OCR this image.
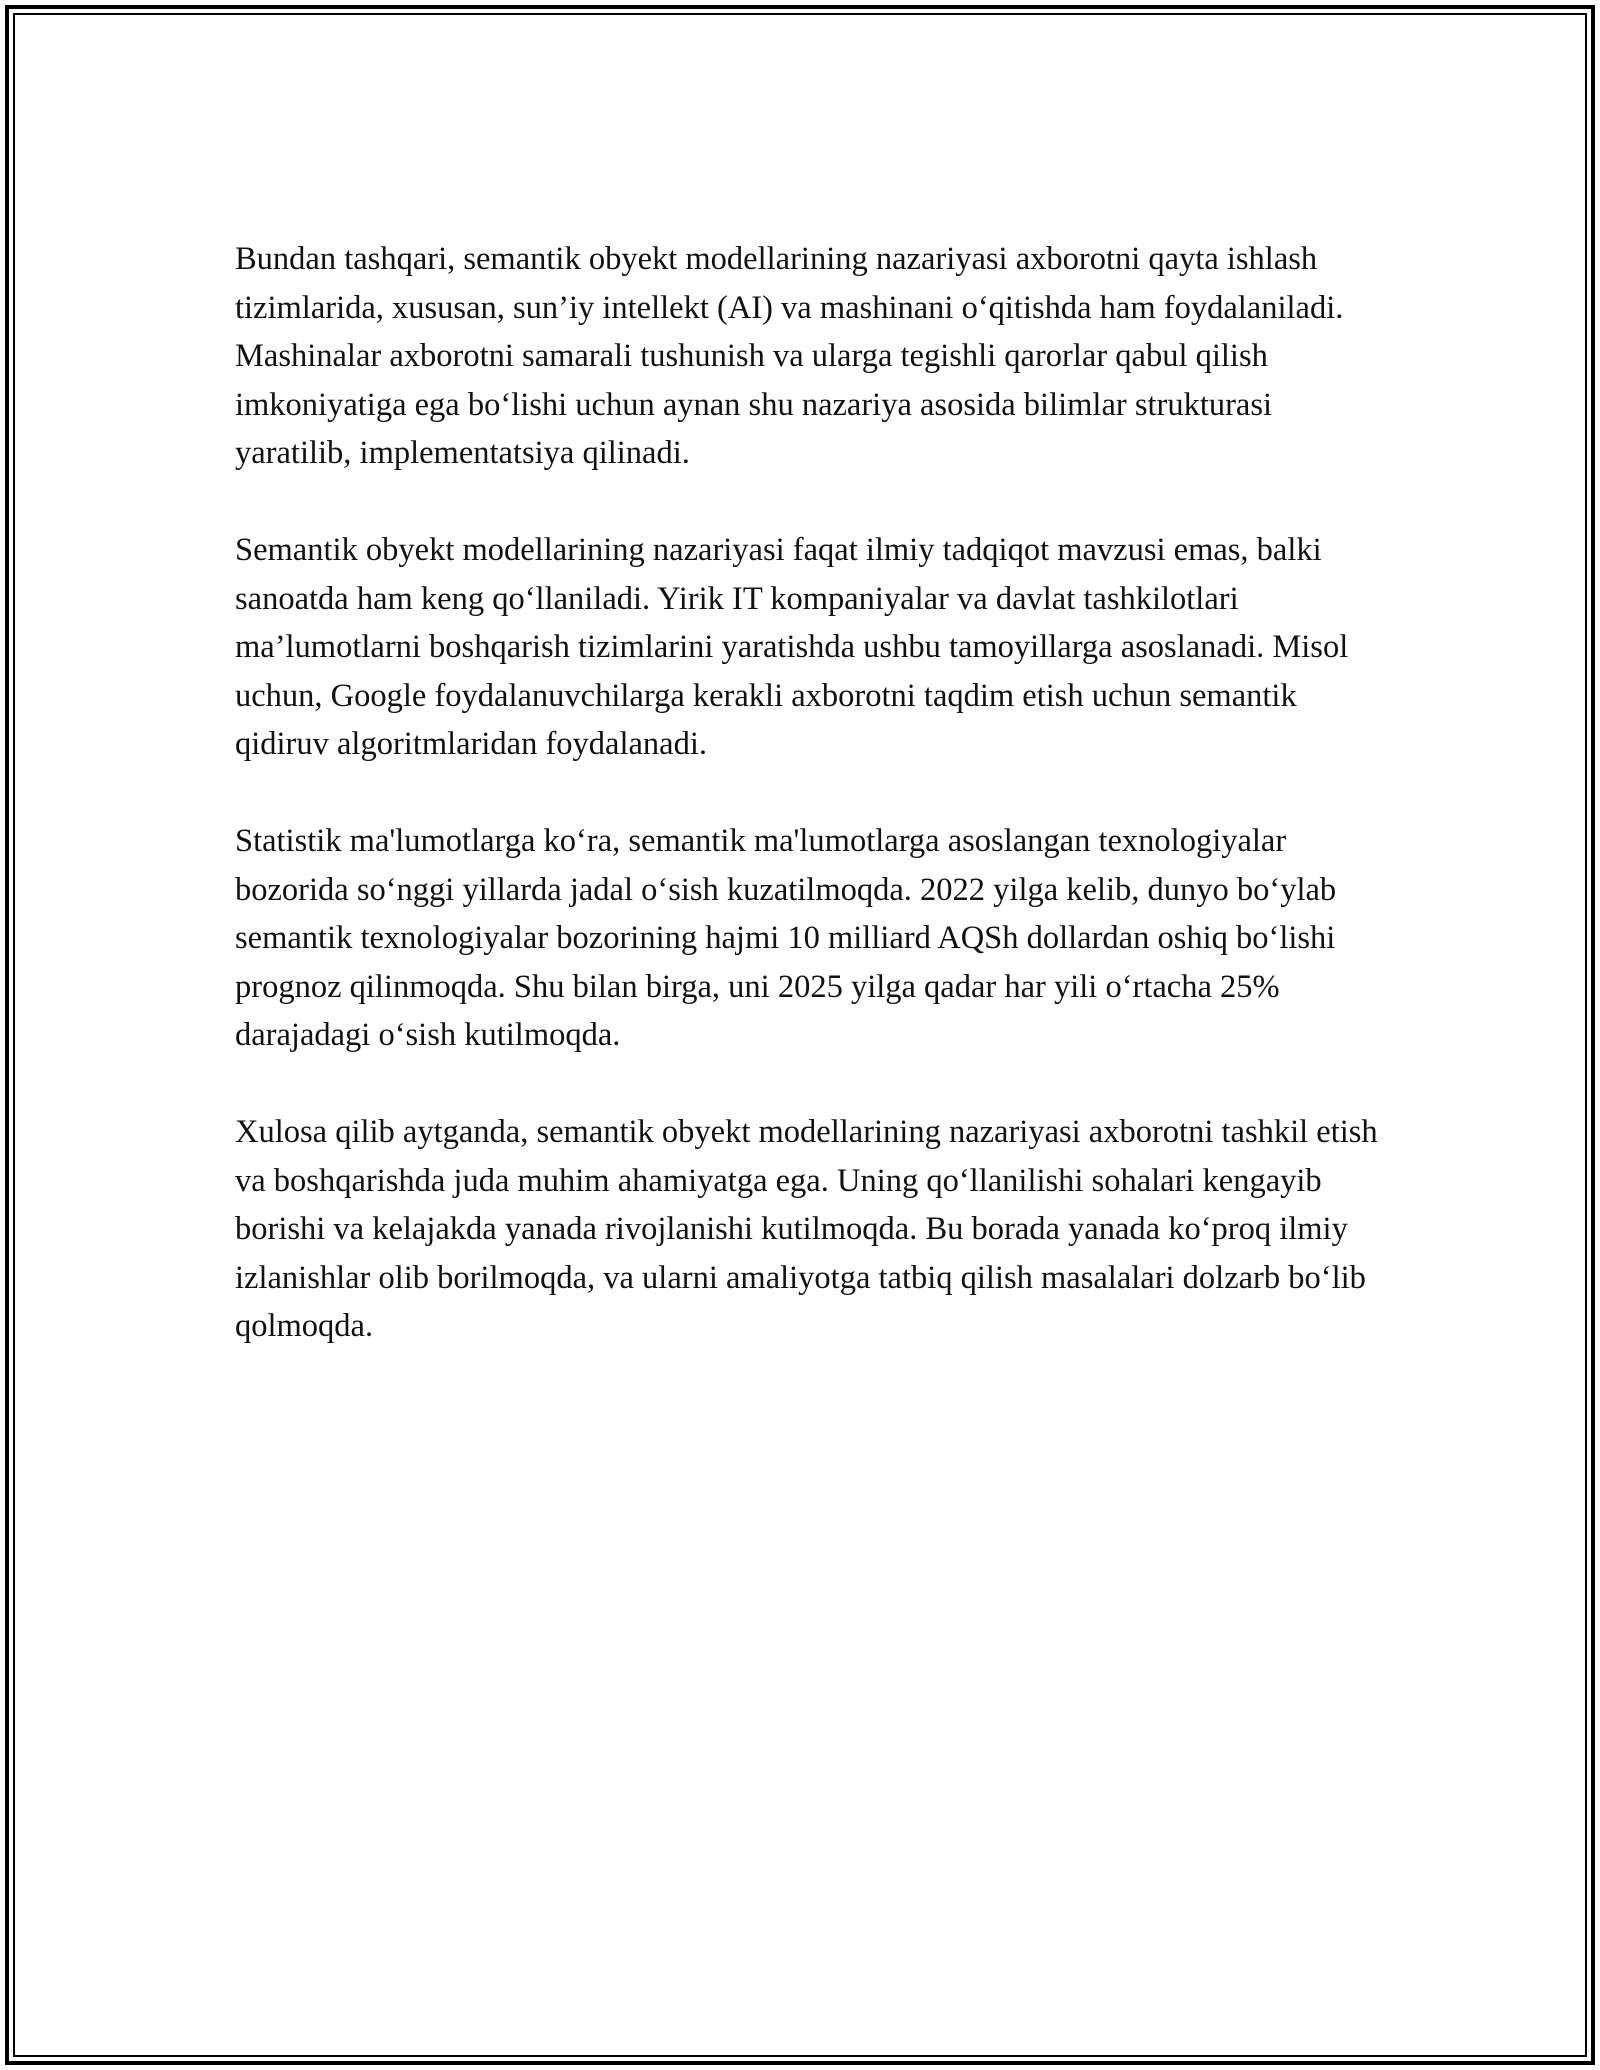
Bundan tashqari, semantik obyekt modellarining nazariyasi axborotni qayta ishlash tizimlarida, xususan, sun’iy intellekt (AI) va mashinani o‘qitishda ham foydalaniladi. Mashinalar axborotni samarali tushunish va ularga tegishli qarorlar qabul qilish imkoniyatiga ega bo‘lishi uchun aynan shu nazariya asosida bilimlar strukturasi yaratilib, implementatsiya qilinadi.

Semantik obyekt modellarining nazariyasi faqat ilmiy tadqiqot mavzusi emas, balki sanoatda ham keng qo‘llaniladi. Yirik IT kompaniyalar va davlat tashkilotlari ma’lumotlarni boshqarish tizimlarini yaratishda ushbu tamoyillarga asoslanadi. Misol uchun, Google foydalanuvchilarga kerakli axborotni taqdim etish uchun semantik qidiruv algoritmlaridan foydalanadi.

Statistik ma'lumotlarga ko‘ra, semantik ma'lumotlarga asoslangan texnologiyalar bozorida so‘nggi yillarda jadal o‘sish kuzatilmoqda. 2022 yilga kelib, dunyo bo‘ylab semantik texnologiyalar bozorining hajmi 10 milliard AQSh dollardan oshiq bo‘lishi prognoz qilinmoqda. Shu bilan birga, uni 2025 yilga qadar har yili o‘rtacha 25% darajadagi o‘sish kutilmoqda.

Xulosa qilib aytganda, semantik obyekt modellarining nazariyasi axborotni tashkil etish va boshqarishda juda muhim ahamiyatga ega. Uning qo‘llanilishi sohalari kengayib borishi va kelajakda yanada rivojlanishi kutilmoqda. Bu borada yanada ko‘proq ilmiy izlanishlar olib borilmoqda, va ularni amaliyotga tatbiq qilish masalalari dolzarb bo‘lib qolmoqda.
